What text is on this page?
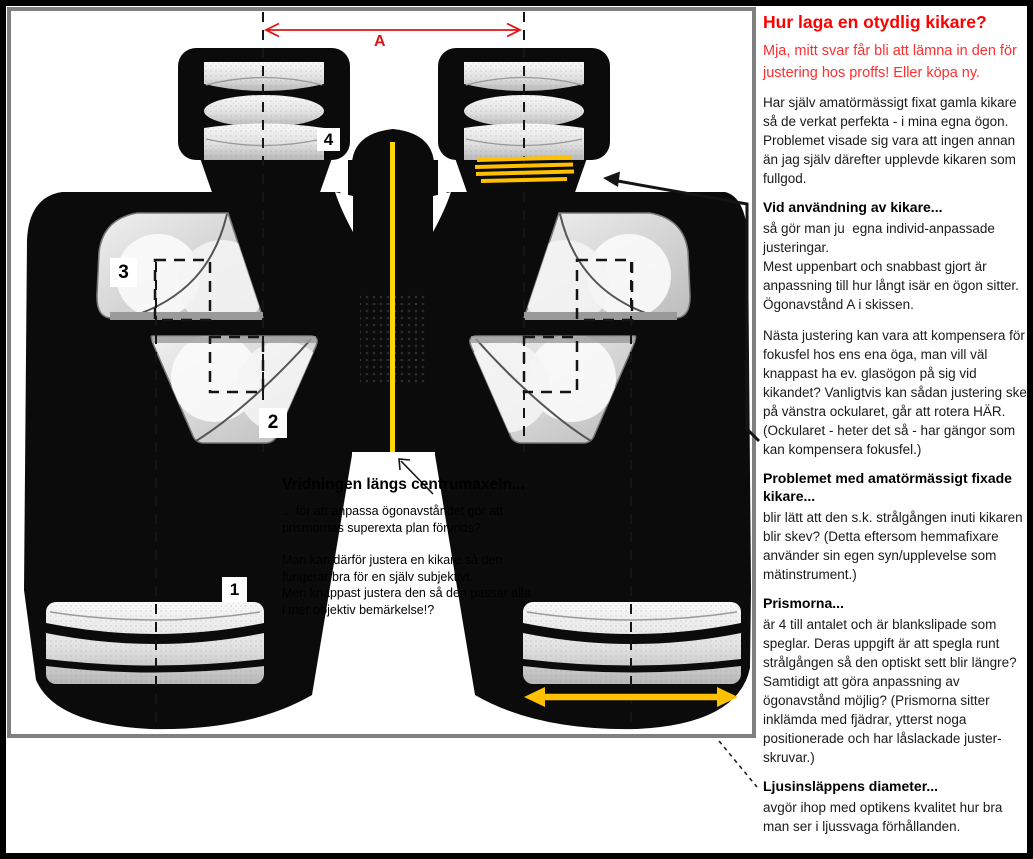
A
4
3
2
1
Vridningen längs centrumaxeln...

... för att anpassa ögonavståndet gör att prismornas superexta plan förvrids?

Man kan därför justera en kikare så den fungerar bra för en själv subjektivt.

Men knappast justera den så den passar alla i mer objektiv bemärkelse!?

Hur laga en otydlig kikare?

Mja, mitt svar får bli att lämna in den för justering hos proffs! Eller köpa ny.

Har själv amatörmässigt fixat gamla kikare så de verkat perfekta - i mina egna ögon. Problemet visade sig vara att ingen annan än jag själv därefter upplevde kikaren som fullgod.

Vid användning av kikare...

så gör man ju  egna individ-anpassade justeringar.

Mest uppenbart och snabbast gjort är anpassning till hur långt isär en ögon sitter. Ögonavstånd A i skissen.

Nästa justering kan vara att kompensera för fokusfel hos ens ena öga, man vill väl knappast ha ev. glasögon på sig vid kikandet? Vanligtvis kan sådan justering ske på vänstra ockularet, går att rotera HÄR. (Ockularet - heter det så - har gängor som kan kompensera fokusfel.)

Problemet med amatörmässigt fixade kikare...

blir lätt att den s.k. strålgången inuti kikaren blir skev? (Detta eftersom hemmafixare använder sin egen syn/upplevelse som mätinstrument.)

Prismorna...

är 4 till antalet och är blankslipade som speglar. Deras uppgift är att spegla runt strålgången så den optiskt sett blir längre? Samtidigt att göra anpassning av ögonavstånd möjlig? (Prismorna sitter inklämda med fjädrar, ytterst noga positionerade och har låslackade juster-skruvar.)

Ljusinsläppens diameter...

avgör ihop med optikens kvalitet hur bra man ser i ljussvaga förhållanden.
